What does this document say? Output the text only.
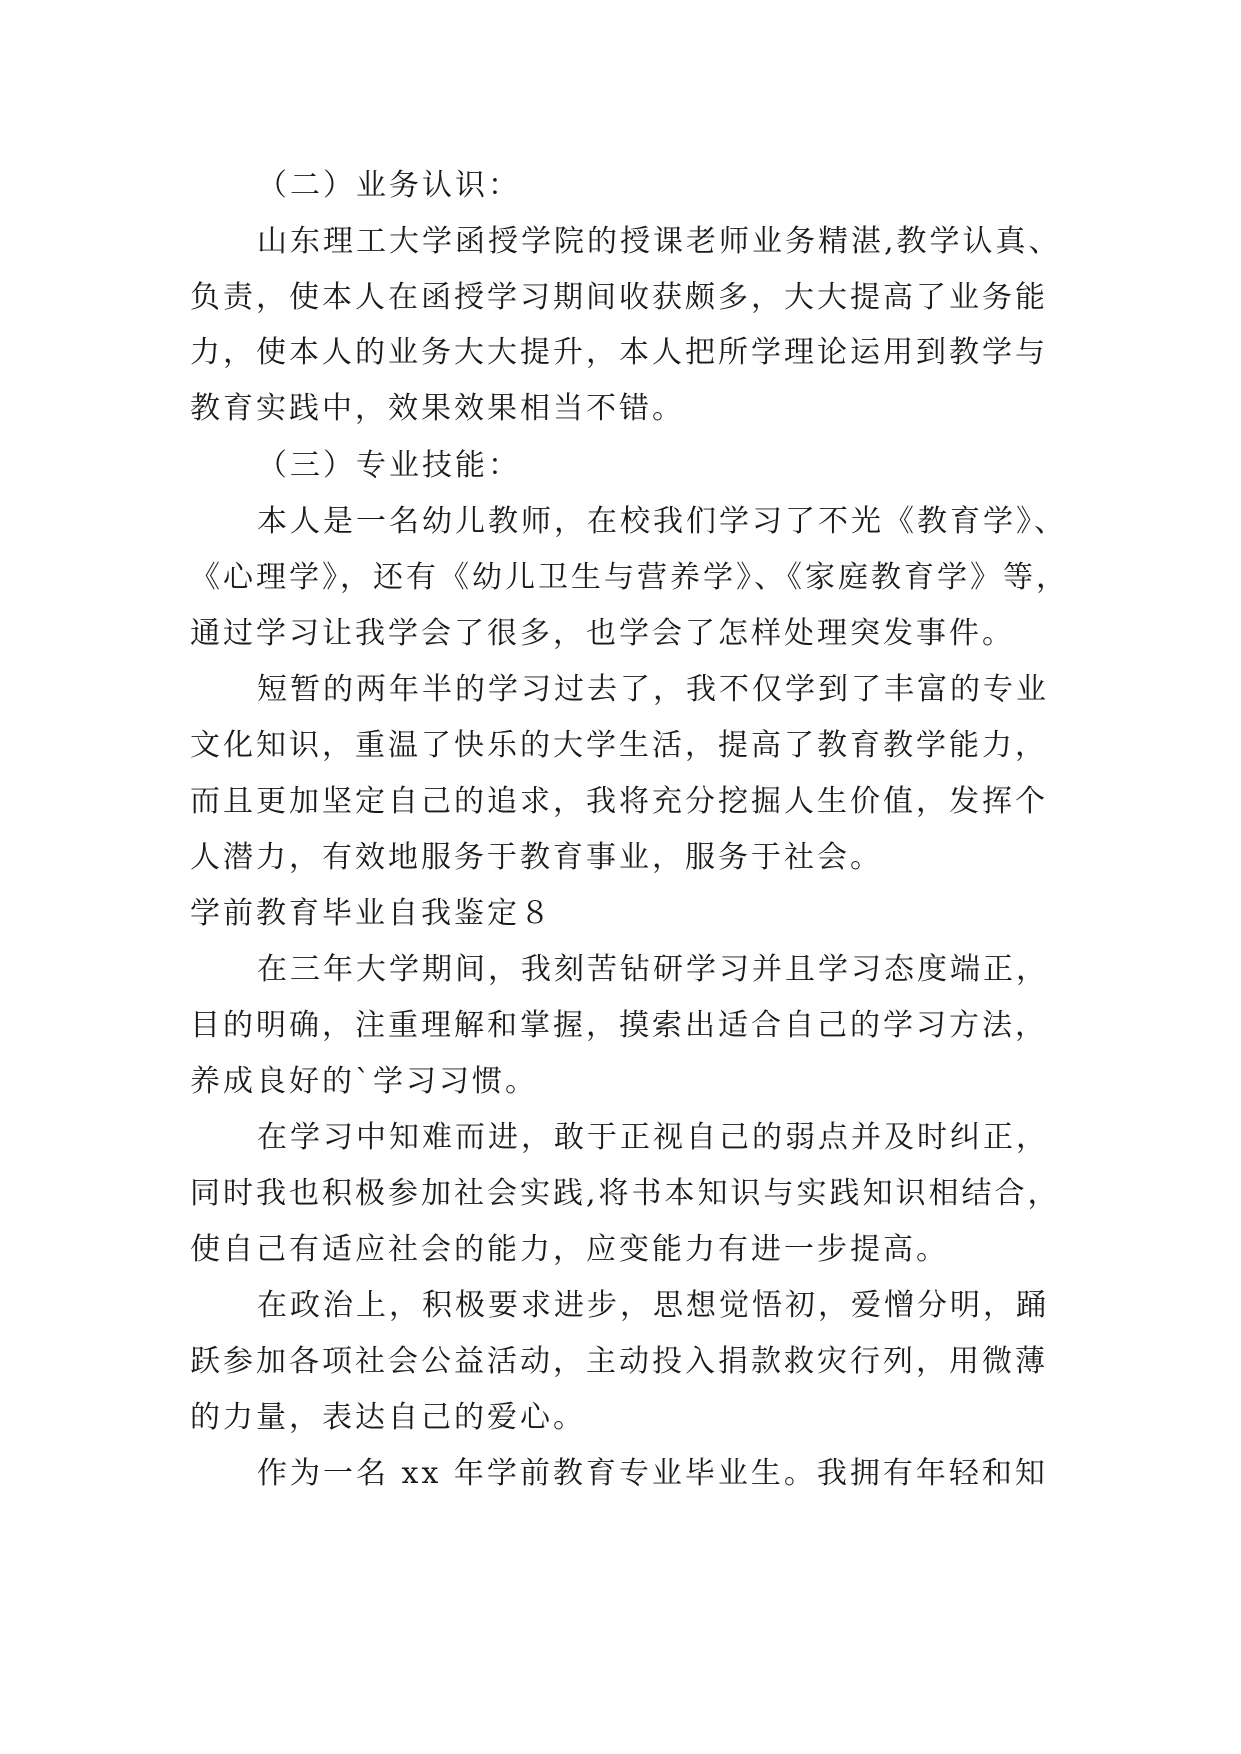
（二）业务认识：
山东理工大学函授学院的授课老师业务精湛,教学认真、
负责，使本人在函授学习期间收获颇多，大大提高了业务能
力，使本人的业务大大提升，本人把所学理论运用到教学与
教育实践中，效果效果相当不错。
（三）专业技能：
本人是一名幼儿教师，在校我们学习了不光《教育学》、
《心理学》，还有《幼儿卫生与营养学》、《家庭教育学》等，
通过学习让我学会了很多，也学会了怎样处理突发事件。
短暂的两年半的学习过去了，我不仅学到了丰富的专业
文化知识，重温了快乐的大学生活，提高了教育教学能力，
而且更加坚定自己的追求，我将充分挖掘人生价值，发挥个
人潜力，有效地服务于教育事业，服务于社会。
学前教育毕业自我鉴定８
在三年大学期间，我刻苦钻研学习并且学习态度端正，
目的明确，注重理解和掌握，摸索出适合自己的学习方法，
养成良好的`学习习惯。
在学习中知难而进，敢于正视自己的弱点并及时纠正，
同时我也积极参加社会实践,将书本知识与实践知识相结合，
使自己有适应社会的能力，应变能力有进一步提高。
在政治上，积极要求进步，思想觉悟初，爱憎分明，踊
跃参加各项社会公益活动，主动投入捐款救灾行列，用微薄
的力量，表达自己的爱心。
作为一名 xx 年学前教育专业毕业生。我拥有年轻和知
